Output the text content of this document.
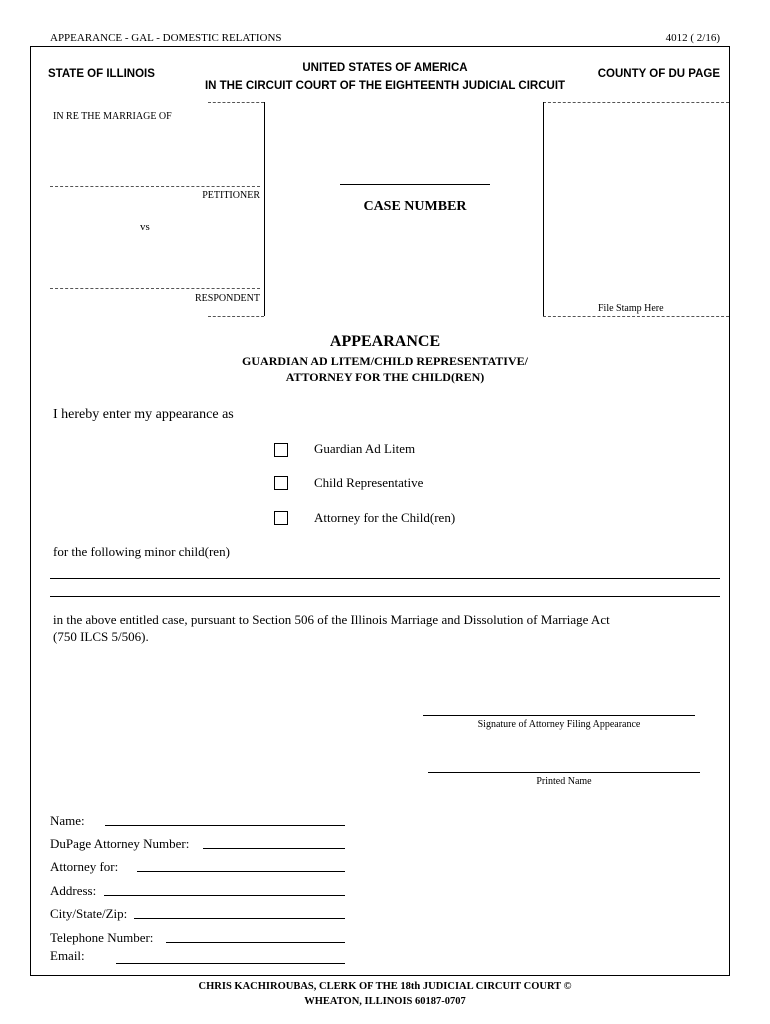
APPEARANCE - GAL - DOMESTIC RELATIONS	4012 ( 2/16)
STATE OF ILLINOIS	UNITED STATES OF AMERICA
IN THE CIRCUIT COURT OF THE EIGHTEENTH JUDICIAL CIRCUIT
COUNTY OF DU PAGE
IN RE THE MARRIAGE OF
PETITIONER
vs
RESPONDENT
CASE NUMBER
File Stamp Here
APPEARANCE
GUARDIAN AD LITEM/CHILD REPRESENTATIVE/
ATTORNEY FOR THE CHILD(REN)
I hereby enter my appearance as
Guardian Ad Litem
Child Representative
Attorney for the Child(ren)
for the following minor child(ren)
in the above entitled case, pursuant to Section 506 of the Illinois Marriage and Dissolution of Marriage Act
(750 ILCS 5/506).
Signature of Attorney Filing Appearance
Printed Name
Name:
DuPage Attorney Number:
Attorney for:
Address:
City/State/Zip:
Telephone Number:
Email:
CHRIS KACHIROUBAS, CLERK OF THE 18th JUDICIAL CIRCUIT COURT ©
WHEATON, ILLINOIS 60187-0707
